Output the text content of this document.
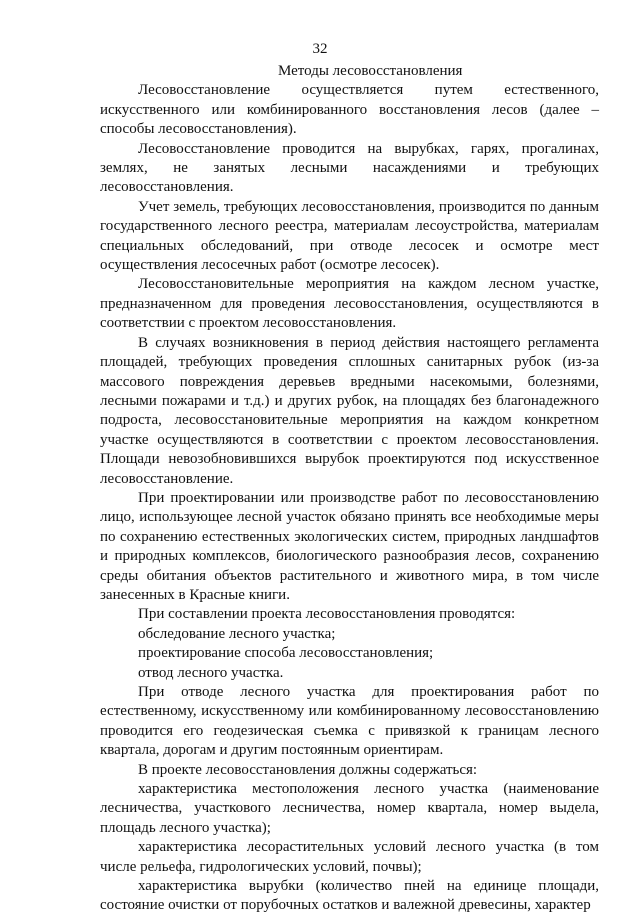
32
Методы лесовосстановления

Лесовосстановление осуществляется путем естественного, искусственного или комбинированного восстановления лесов (далее – способы лесовосстановления).

Лесовосстановление проводится на вырубках, гарях, прогалинах, землях, не занятых лесными насаждениями и требующих лесовосстановления.

Учет земель, требующих лесовосстановления, производится по данным государственного лесного реестра, материалам лесоустройства, материалам специальных обследований, при отводе лесосек и осмотре мест осуществления лесосечных работ (осмотре лесосек).

Лесовосстановительные мероприятия на каждом лесном участке, предназначенном для проведения лесовосстановления, осуществляются в соответствии с проектом лесовосстановления.

В случаях возникновения в период действия настоящего регламента площадей, требующих проведения сплошных санитарных рубок (из-за массового повреждения деревьев вредными насекомыми, болезнями, лесными пожарами и т.д.) и других рубок, на площадях без благонадежного подроста, лесовосстановительные мероприятия на каждом конкретном участке осуществляются в соответствии с проектом лесовосстановления. Площади невозобновившихся вырубок проектируются под искусственное лесовосстановление.

При проектировании или производстве работ по лесовосстановлению лицо, использующее лесной участок обязано принять все необходимые меры по сохранению естественных экологических систем, природных ландшафтов и природных комплексов, биологического разнообразия лесов, сохранению среды обитания объектов растительного и животного мира, в том числе занесенных в Красные книги.

При составлении проекта лесовосстановления проводятся:

обследование лесного участка;

проектирование способа лесовосстановления;

отвод лесного участка.

При отводе лесного участка для проектирования работ по естественному, искусственному или комбинированному лесовосстановлению проводится его геодезическая съемка с привязкой к границам лесного квартала, дорогам и другим постоянным ориентирам.

В проекте лесовосстановления должны содержаться:

характеристика местоположения лесного участка (наименование лесничества, участкового лесничества, номер квартала, номер выдела, площадь лесного участка);

характеристика лесорастительных условий лесного участка (в том числе рельефа, гидрологических условий, почвы);

характеристика вырубки (количество пней на единице площади, состояние очистки от порубочных остатков и валежной древесины, характер
